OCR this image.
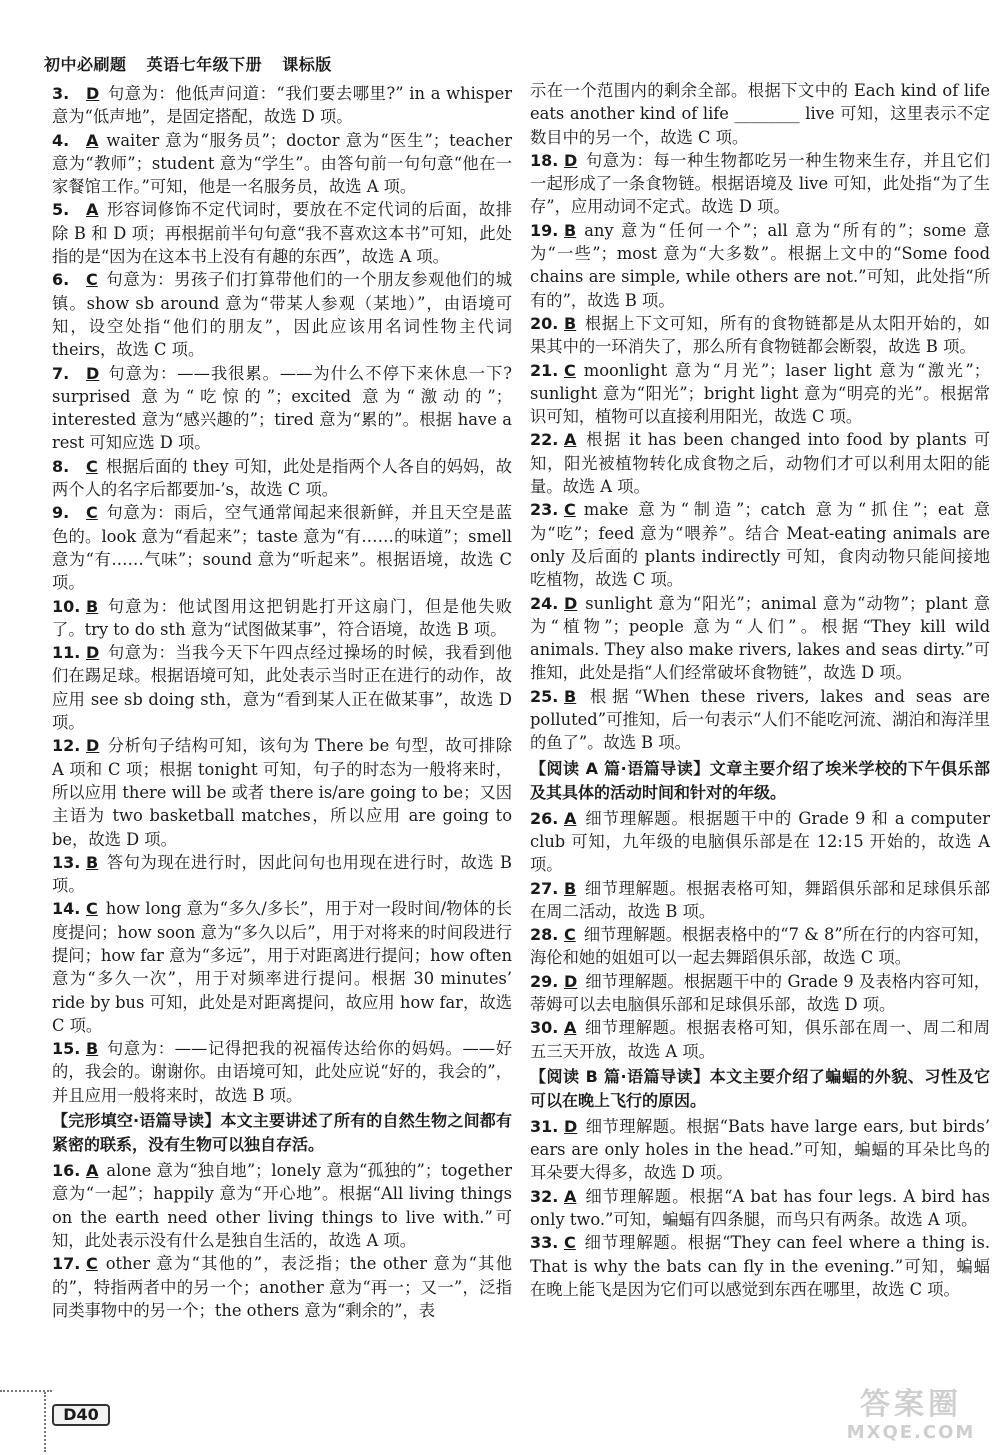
初中必刷题 英语七年级下册 课标版
3. D 句意为：他低声问道：“我们要去哪里?” in a whisper 意为“低声地”，是固定搭配，故选 D 项。
4. A waiter 意为“服务员”；doctor 意为“医生”；teacher 意为“教师”；student 意为“学生”。由答句前一句句意“他在一家餐馆工作。”可知，他是一名服务员，故选 A 项。
5. A 形容词修饰不定代词时，要放在不定代词的后面，故排除 B 和 D 项；再根据前半句句意“我不喜欢这本书”可知，此处指的是“因为在这本书上没有有趣的东西”，故选 A 项。
6. C 句意为：男孩子们打算带他们的一个朋友参观他们的城镇。show sb around 意为“带某人参观（某地）”，由语境可知，设空处指“他们的朋友”，因此应该用名词性物主代词 theirs，故选 C 项。
7. D 句意为：——我很累。——为什么不停下来休息一下? surprised 意为“吃惊的”；excited 意为“激动的”；interested 意为“感兴趣的”；tired 意为“累的”。根据 have a rest 可知应选 D 项。
8. C 根据后面的 they 可知，此处是指两个人各自的妈妈，故两个人的名字后都要加-’s，故选 C 项。
9. C 句意为：雨后，空气通常闻起来很新鲜，并且天空是蓝色的。look 意为“看起来”；taste 意为“有……的味道”；smell 意为“有……气味”；sound 意为“听起来”。根据语境，故选 C 项。
10. B 句意为：他试图用这把钥匙打开这扇门，但是他失败了。try to do sth 意为“试图做某事”，符合语境，故选 B 项。
11. D 句意为：当我今天下午四点经过操场的时候，我看到他们在踢足球。根据语境可知，此处表示当时正在进行的动作，故应用 see sb doing sth，意为“看到某人正在做某事”，故选 D 项。
12. D 分析句子结构可知，该句为 There be 句型，故可排除 A 项和 C 项；根据 tonight 可知，句子的时态为一般将来时，所以应用 there will be 或者 there is/are going to be；又因主语为 two basketball matches，所以应用 are going to be，故选 D 项。
13. B 答句为现在进行时，因此问句也用现在进行时，故选 B 项。
14. C how long 意为“多久/多长”，用于对一段时间/物体的长度提问；how soon 意为“多久以后”，用于对将来的时间段进行提问；how far 意为“多远”，用于对距离进行提问；how often 意为“多久一次”，用于对频率进行提问。根据 30 minutes’ ride by bus 可知，此处是对距离提问，故应用 how far，故选 C 项。
15. B 句意为：——记得把我的祝福传达给你的妈妈。——好的，我会的。谢谢你。由语境可知，此处应说“好的，我会的”，并且应用一般将来时，故选 B 项。
【完形填空·语篇导读】本文主要讲述了所有的自然生物之间都有紧密的联系，没有生物可以独自存活。
16. A alone 意为“独自地”；lonely 意为“孤独的”；together 意为“一起”；happily 意为“开心地”。根据“All living things on the earth need other living things to live with.”可知，此处表示没有什么是独自生活的，故选 A 项。
17. C other 意为“其他的”，表泛指；the other 意为“其他的”，特指两者中的另一个；another 意为“再一；又一”，泛指同类事物中的另一个；the others 意为“剩余的”，表
示在一个范围内的剩余全部。根据下文中的 Each kind of life eats another kind of life ________ live 可知，这里表示不定数目中的另一个，故选 C 项。
18. D 句意为：每一种生物都吃另一种生物来生存，并且它们一起形成了一条食物链。根据语境及 live 可知，此处指“为了生存”，应用动词不定式。故选 D 项。
19. B any 意为“任何一个”；all 意为“所有的”；some 意为“一些”；most 意为“大多数”。根据上文中的“Some food chains are simple, while others are not.”可知，此处指“所有的”，故选 B 项。
20. B 根据上下文可知，所有的食物链都是从太阳开始的，如果其中的一环消失了，那么所有食物链都会断裂，故选 B 项。
21. C moonlight 意为“月光”；laser light 意为“激光”；sunlight 意为“阳光”；bright light 意为“明亮的光”。根据常识可知，植物可以直接利用阳光，故选 C 项。
22. A 根据 it has been changed into food by plants 可知，阳光被植物转化成食物之后，动物们才可以利用太阳的能量。故选 A 项。
23. C make 意为“制造”；catch 意为“抓住”；eat 意为“吃”；feed 意为“喂养”。结合 Meat-eating animals are only 及后面的 plants indirectly 可知，食肉动物只能间接地吃植物，故选 C 项。
24. D sunlight 意为“阳光”；animal 意为“动物”；plant 意为“植物”；people 意为“人们”。根据“They kill wild animals. They also make rivers, lakes and seas dirty.”可推知，此处是指“人们经常破坏食物链”，故选 D 项。
25. B 根据“When these rivers, lakes and seas are polluted”可推知，后一句表示“人们不能吃河流、湖泊和海洋里的鱼了”。故选 B 项。
【阅读 A 篇·语篇导读】文章主要介绍了埃米学校的下午俱乐部及其具体的活动时间和针对的年级。
26. A 细节理解题。根据题干中的 Grade 9 和 a computer club 可知，九年级的电脑俱乐部是在 12:15 开始的，故选 A 项。
27. B 细节理解题。根据表格可知，舞蹈俱乐部和足球俱乐部在周二活动，故选 B 项。
28. C 细节理解题。根据表格中的“7 & 8”所在行的内容可知，海伦和她的姐姐可以一起去舞蹈俱乐部，故选 C 项。
29. D 细节理解题。根据题干中的 Grade 9 及表格内容可知，蒂姆可以去电脑俱乐部和足球俱乐部，故选 D 项。
30. A 细节理解题。根据表格可知，俱乐部在周一、周二和周五三天开放，故选 A 项。
【阅读 B 篇·语篇导读】本文主要介绍了蝙蝠的外貌、习性及它可以在晚上飞行的原因。
31. D 细节理解题。根据“Bats have large ears, but birds’ ears are only holes in the head.”可知，蝙蝠的耳朵比鸟的耳朵要大得多，故选 D 项。
32. A 细节理解题。根据“A bat has four legs. A bird has only two.”可知，蝙蝠有四条腿，而鸟只有两条。故选 A 项。
33. C 细节理解题。根据“They can feel where a thing is. That is why the bats can fly in the evening.”可知，蝙蝠在晚上能飞是因为它们可以感觉到东西在哪里，故选 C 项。
D40	答案圈
MXQE.COM
